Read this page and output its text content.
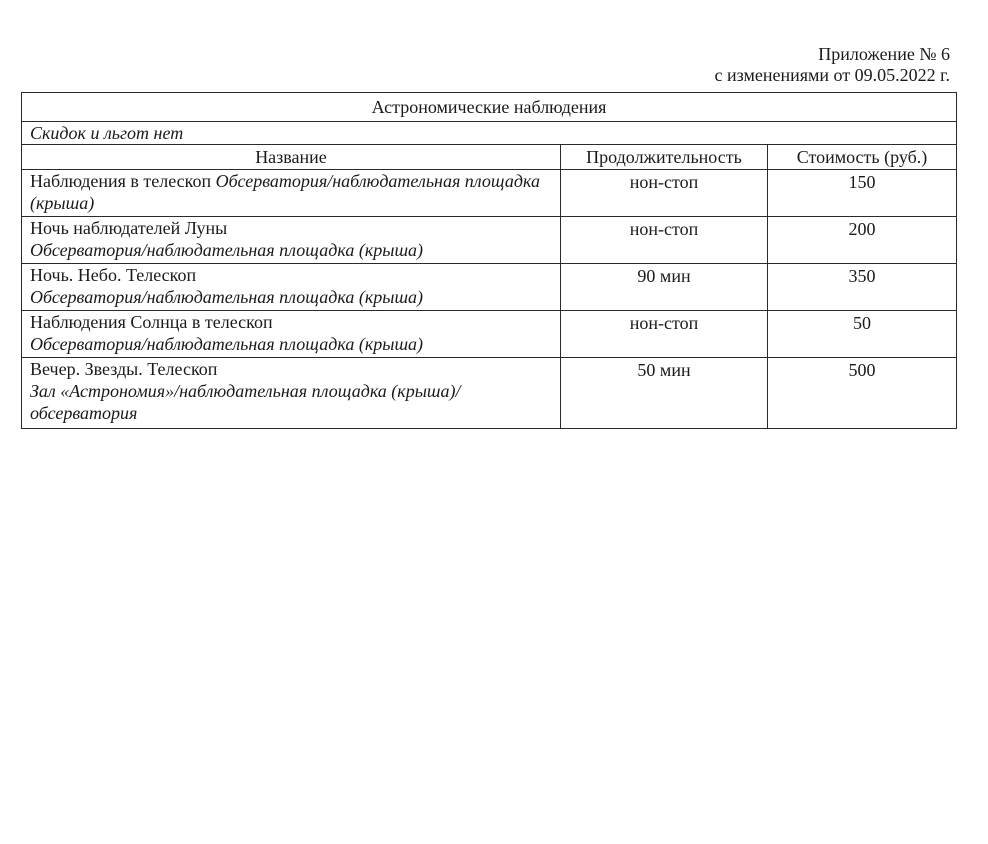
Приложение № 6
с изменениями от 09.05.2022 г.
Астрономические наблюдения		
Скидок и льгот нет		
Название	Продолжительность	Стоимость (руб.)
Наблюдения в телескоп Обсерватория/наблюдательная площадка (крыша)	нон-стоп	150
Ночь наблюдателей Луны
Обсерватория/наблюдательная площадка (крыша)	нон-стоп	200
Ночь. Небо. Телескоп
Обсерватория/наблюдательная площадка (крыша)	90 мин	350
Наблюдения Солнца в телескоп
Обсерватория/наблюдательная площадка (крыша)	нон-стоп	50
Вечер. Звезды. Телескоп
Зал «Астрономия»/наблюдательная площадка (крыша)/обсерватория	50 мин	500
